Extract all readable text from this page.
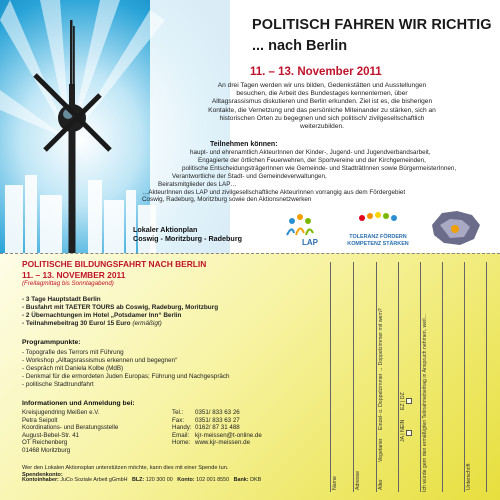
POLITISCH FAHREN WIR RICHTIG
... nach Berlin
11. – 13. November 2011
An drei Tagen werden wir uns bilden, Gedenkstätten und Ausstellungen
besuchen, die Arbeit des Bundestages kennenlernen, über
Alltagsrassismus diskutieren und Berlin erkunden. Ziel ist es, die bisherigen
Kontakte, die Vernetzung und das persönliche Miteinander zu stärken, sich an
historischen Orten zu begegnen und sich politisch/ zivilgesellschaftlich
weiterzubilden.
Teilnehmen können:
haupt- und ehrenamtlich AkteurInnen der Kinder-, Jugend- und Jugendverbandsarbeit,
Engagierte der örtlichen Feuerwehren, der Sportvereine und der Kirchgemeinden,
politische EntscheidungsträgerInnen wie Gemeinde- und StadträtInnen sowie BürgermeisterInnen,
Verantwortliche der Stadt- und Gemeindeverwaltungen,
Beiratsmitglieder des LAP…
…AkteurInnen des LAP und zivilgesellschaftliche AkteurInnen vorrangig aus dem Fördergebiet
Coswig, Radeburg, Moritzburg sowie den Aktionsnetzwerken
Lokaler Aktionplan
Coswig - Moritzburg - Radeburg	LAP
TOLERANZ FÖRDERN
KOMPETENZ STÄRKEN
POLITISCHE BILDUNGSFAHRT NACH BERLIN
11. – 13. NOVEMBER 2011
(Freitagmittag bis Sonntagabend)
- 3 Tage Hauptstadt Berlin
- Busfahrt mit TAETER TOURS ab Coswig, Radeburg, Moritzburg
- 2 Übernachtungen im Hotel „Potsdamer Inn“ Berlin
- Teilnahmebeitrag 30 Euro/ 15 Euro (ermäßigt)
Programmpunkte:
- Topografie des Terrors mit Führung
- Workshop „Alltagsrassismus erkennen und begegnen“
- Gespräch mit Daniela Kolbe (MdB)
- Denkmal für die ermordeten Juden Europas; Führung und Nachgespräch
- politische Stadtrundfahrt
Informationen und Anmeldung bei:
Kreisjugendring Meißen e.V.
Petra Seipolt
Koordinations- und Beratungsstelle
August-Bebel-Str. 41
OT Reichenberg
01468 Moritzburg
Tel.:	0351/ 833 63 26
Fax:	0351/ 833 63 27
Handy: 0162/ 87 31 488
Email: kjr-meissen@t-online.de
Home: www.kjr-meissen.de
Wer den Lokalen Aktionsplan unterstützen möchte, kann dies mit einer Spende tun.
Spendenkonto:
Kontoinhaber: JuCo Soziale Arbeit gGmbH BLZ: 120 300 00 Konto: 102 001 8550 Bank: DKB	Name	Adresse	Alter
Vegetarier
Einzel- o. Doppelzimmer → Doppelzimmer mit wem?
JA | NEIN
EZ | DZ	Ich würde gern den ermäßigten Teilnahmebeitrag in Anspruch nehmen, weil...	Unterschrift
